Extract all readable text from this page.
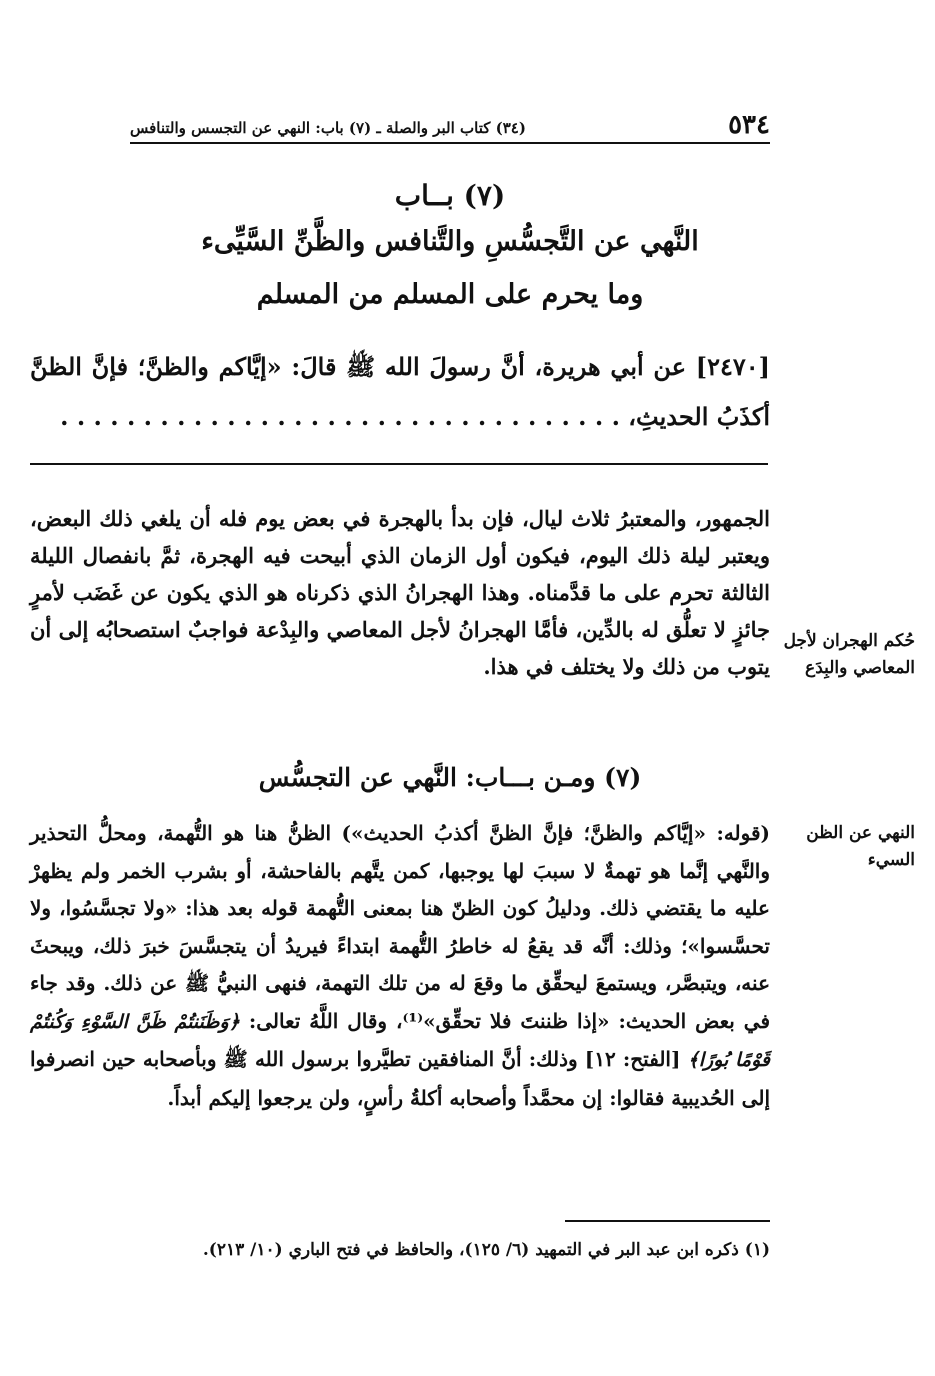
٥٣٤
(٣٤) كتاب البر والصلة ـ (٧) باب: النهي عن التجسس والتنافس
(٧) بــاب
النَّهي عن التَّجسُّسِ والتَّنافس والظَّنِّ السَّيِّىء
وما يحرم على المسلم من المسلم
[٢٤٧٠] عن أبي هريرة، أنَّ رسولَ الله ﷺ قالَ: «إيَّاكم والظنَّ؛ فإنَّ الظنَّ أكذَبُ الحديثِ، . . . . . . . . . . . . . . . . . . . . . . . . . . . . . . . . . .
الجمهور، والمعتبرُ ثلاث ليال، فإن بدأ بالهجرة في بعض يوم فله أن يلغي ذلك البعض، ويعتبر ليلة ذلك اليوم، فيكون أول الزمان الذي أبيحت فيه الهجرة، ثمَّ بانفصال الليلة الثالثة تحرم على ما قدَّمناه. وهذا الهجرانُ الذي ذكرناه هو الذي يكون عن غَضَب لأمرٍ جائزٍ لا تعلُّق له بالدِّين، فأمَّا الهجرانُ لأجل المعاصي والبِدْعة فواجبٌ استصحابُه إلى أن يتوب من ذلك ولا يختلف في هذا.
حُكم الهجران لأجل المعاصي والبِدَع
(٧) ومـن بـــاب: النَّهي عن التجسُّس
النهي عن الظن السيء
(قوله: «إيَّاكم والظنَّ؛ فإنَّ الظنَّ أكذبُ الحديث») الظنُّ هنا هو التُّهمة، ومحلُّ التحذير والنَّهي إنَّما هو تهمةٌ لا سببَ لها يوجبها، كمن يتَّهم بالفاحشة، أو بشرب الخمر ولم يظهرْ عليه ما يقتضي ذلك. ودليلُ كون الظنّ هنا بمعنى التُّهمة قوله بعد هذا: «ولا تجسَّسُوا، ولا تحسَّسوا»؛ وذلك: أنَّه قد يقعُ له خاطرُ التُّهمة ابتداءً فيريدُ أن يتجسَّسَ خبرَ ذلك، ويبحثَ عنه، ويتبصَّر، ويستمعَ ليحقِّق ما وقعَ له من تلك التهمة، فنهى النبيُّ ﷺ عن ذلك. وقد جاء في بعض الحديث: «إذا ظننتَ فلا تحقِّق»⁽¹⁾، وقال اللَّهُ تعالى: ﴿وَظَنَنتُمْ ظَنَّ السَّوْءِ وَكُنتُمْ قَوْمًا بُورًا﴾ [الفتح: ١٢] وذلك: أنَّ المنافقين تطيَّروا برسول الله ﷺ وبأصحابه حين انصرفوا إلى الحُديبية فقالوا: إن محمَّداً وأصحابه أكلةُ رأسٍ، ولن يرجعوا إليكم أبداً.
(١) ذكره ابن عبد البر في التمهيد (٦/ ١٢٥)، والحافظ في فتح الباري (١٠/ ٢١٣).
